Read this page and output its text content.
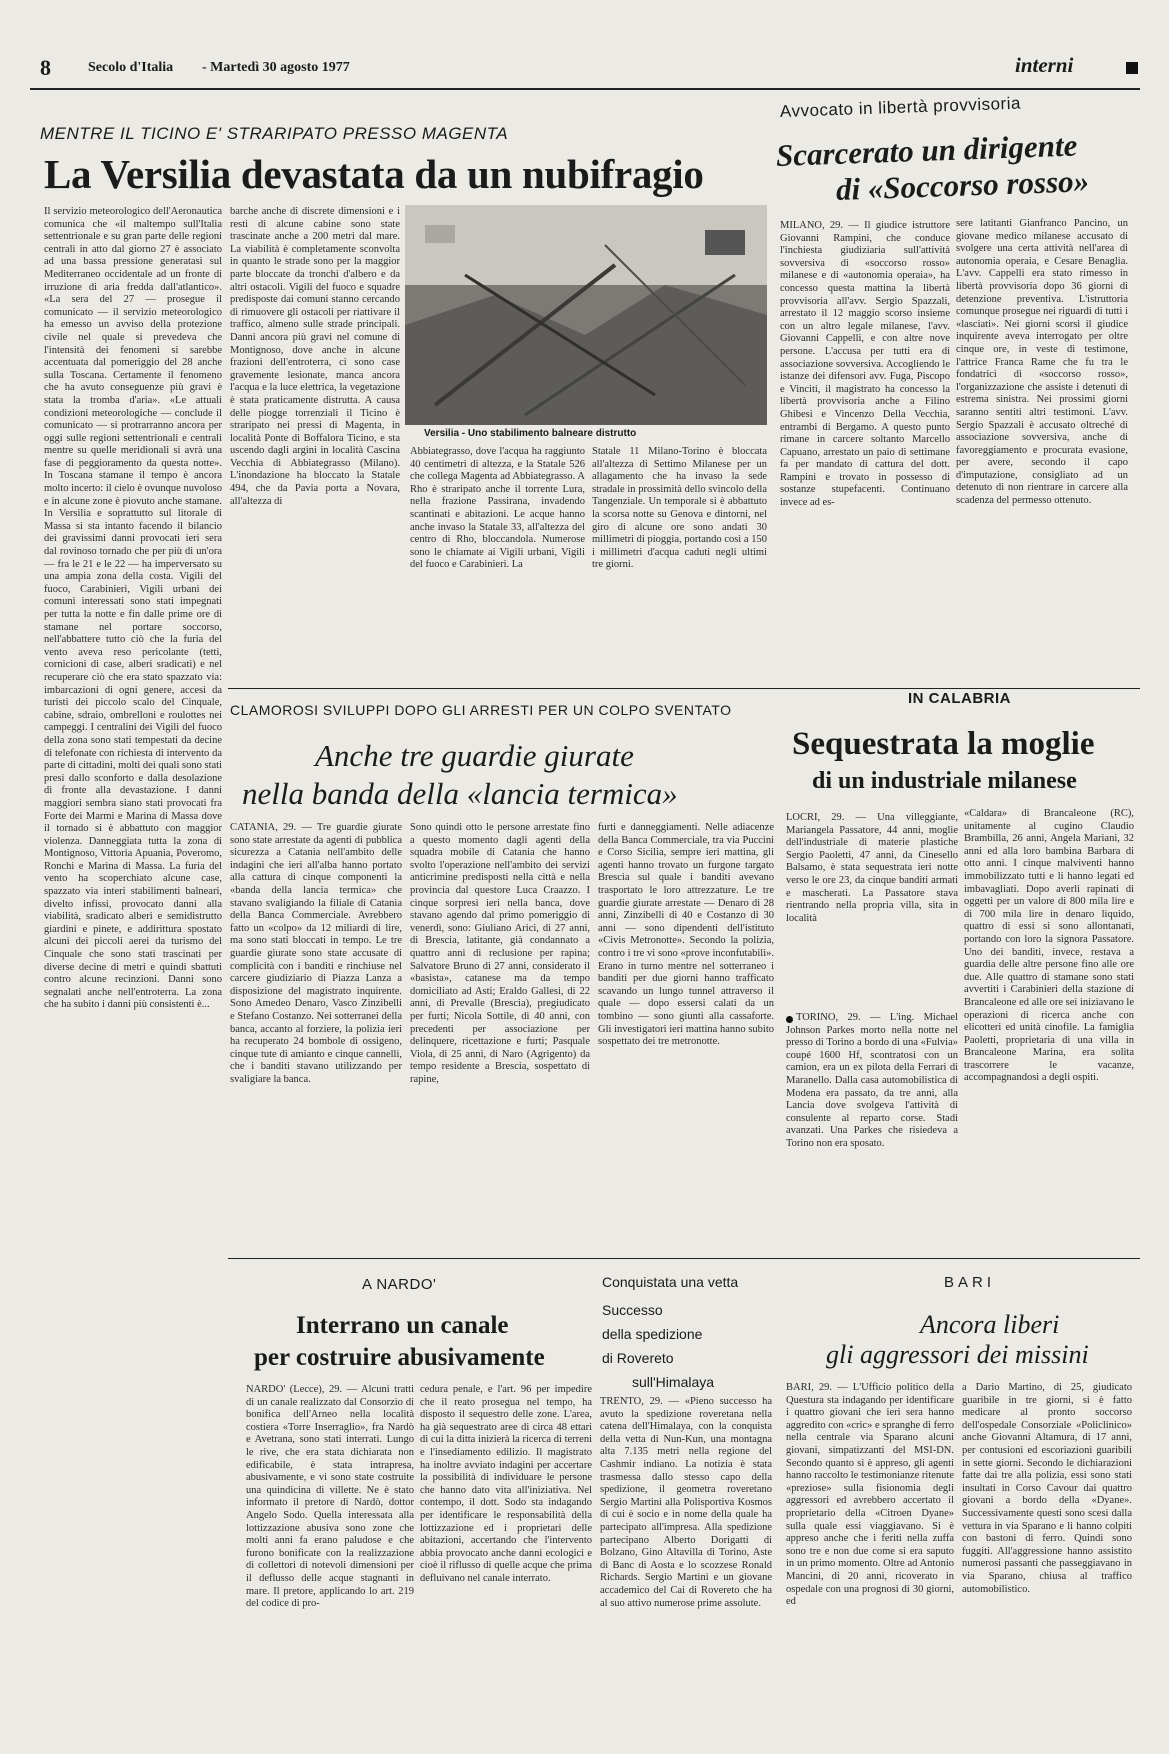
8	Secolo d'Italia - Martedì 30 agosto 1977	interni
MENTRE IL TICINO E' STRARIPATO PRESSO MAGENTA
La Versilia devastata da un nubifragio
Il servizio meteorologico dell'Aeronautica comunica che «il maltempo sull'Italia settentrionale e su gran parte delle regioni centrali in atto dal giorno 27 è associato ad una bassa pressione generatasi sul Mediterraneo occidentale ad un fronte di irruzione di aria fredda dall'atlantico». «La sera del 27 — prosegue il comunicato — il servizio meteorologico ha emesso un avviso della protezione civile nel quale si prevedeva che l'intensità dei fenomeni si sarebbe accentuata dal pomeriggio del 28 anche sulla Toscana. Certamente il fenomeno che ha avuto conseguenze più gravi è stata la tromba d'aria». «Le attuali condizioni meteorologiche — conclude il comunicato — si protrarranno ancora per oggi sulle regioni settentrionali e centrali mentre su quelle meridionali si avrà una fase di peggioramento da questa notte». In Toscana stamane il tempo è ancora molto incerto: il cielo è ovunque nuvoloso e in alcune zone è piovuto anche stamane. In Versilia e soprattutto sul litorale di Massa si sta intanto facendo il bilancio dei gravissimi danni provocati ieri sera dal rovinoso tornado che per più di un'ora — fra le 21 e le 22 — ha imperversato su una ampia zona della costa. Vigili del fuoco, Carabinieri, Vigili urbani dei comuni interessati sono stati impegnati per tutta la notte e fin dalle prime ore di stamane nel portare soccorso, nell'abbattere tutto ciò che la furia del vento aveva reso pericolante (tetti, cornicioni di case, alberi sradicati) e nel recuperare ciò che era stato spazzato via: imbarcazioni di ogni genere, accesi da turisti dei piccolo scalo del Cinquale, cabine, sdraio, ombrelloni e roulottes nei campeggi. I centralini dei Vigili del fuoco della zona sono stati tempestati da decine di telefonate con richiesta di intervento da parte di cittadini, molti dei quali sono stati presi dallo sconforto e dalla desolazione di fronte alla devastazione. I danni maggiori sembra siano stati provocati fra Forte dei Marmi e Marina di Massa dove il tornado si è abbattuto con maggior violenza. Danneggiata tutta la zona di Montignoso, Vittoria Apuania, Poveromo, Ronchi e Marina di Massa. La furia del vento ha scoperchiato alcune case, spazzato via interi stabilimenti balneari, divelto infissi, provocato danni alla viabilità, sradicato alberi e semidistrutto giardini e pinete, e addirittura spostato alcuni dei piccoli aerei da turismo del Cinquale che sono stati trascinati per diverse decine di metri e quindi sbattuti contro alcune recinzioni. Danni sono segnalati anche nell'entroterra. La zona che ha subito i danni più consistenti è...
barche anche di discrete dimensioni e i resti di alcune cabine sono state trascinate anche a 200 metri dal mare. La viabilità è completamente sconvolta in quanto le strade sono per la maggior parte bloccate da tronchi d'albero e da altri ostacoli. Vigili del fuoco e squadre predisposte dai comuni stanno cercando di rimuovere gli ostacoli per riattivare il traffico, almeno sulle strade principali. Danni ancora più gravi nel comune di Montignoso, dove anche in alcune frazioni dell'entroterra, ci sono case gravemente lesionate, manca ancora l'acqua e la luce elettrica, la vegetazione è stata praticamente distrutta. A causa delle piogge torrenziali il Ticino è straripato nei pressi di Magenta, in località Ponte di Boffalora Ticino, e sta uscendo dagli argini in località Cascina Vecchia di Abbiategrasso (Milano). L'inondazione ha bloccato la Statale 494, che da Pavia porta a Novara, all'altezza di
Versilia - Uno stabilimento balneare distrutto
Abbiategrasso, dove l'acqua ha raggiunto 40 centimetri di altezza, e la Statale 526 che collega Magenta ad Abbiategrasso. A Rho è straripato anche il torrente Lura, nella frazione Passirana, invadendo scantinati e abitazioni. Le acque hanno anche invaso la Statale 33, all'altezza del centro di Rho, bloccandola. Numerose sono le chiamate ai Vigili urbani, Vigili del fuoco e Carabinieri. La
Statale 11 Milano-Torino è bloccata all'altezza di Settimo Milanese per un allagamento che ha invaso la sede stradale in prossimità dello svincolo della Tangenziale. Un temporale si è abbattuto la scorsa notte su Genova e dintorni, nel giro di alcune ore sono andati 30 millimetri di pioggia, portando così a 150 i millimetri d'acqua caduti negli ultimi tre giorni.
Avvocato in libertà provvisoria
Scarcerato un dirigente
di «Soccorso rosso»
MILANO, 29. — Il giudice istruttore Giovanni Rampini, che conduce l'inchiesta giudiziaria sull'attività sovversiva di «soccorso rosso» milanese e di «autonomia operaia», ha concesso questa mattina la libertà provvisoria all'avv. Sergio Spazzali, arrestato il 12 maggio scorso insieme con un altro legale milanese, l'avv. Giovanni Cappelli, e con altre nove persone. L'accusa per tutti era di associazione sovversiva. Accogliendo le istanze dei difensori avv. Fuga, Piscopo e Vinciti, il magistrato ha concesso la libertà provvisoria anche a Filino Ghibesi e Vincenzo Della Vecchia, entrambi di Bergamo. A questo punto rimane in carcere soltanto Marcello Capuano, arrestato un paio di settimane fa per mandato di cattura del dott. Rampini e trovato in possesso di sostanze stupefacenti. Continuano invece ad es-
sere latitanti Gianfranco Pancino, un giovane medico milanese accusato di svolgere una certa attività nell'area di autonomia operaia, e Cesare Benaglia. L'avv. Cappelli era stato rimesso in libertà provvisoria dopo 36 giorni di detenzione preventiva. L'istruttoria comunque prosegue nei riguardi di tutti i «lasciati». Nei giorni scorsi il giudice inquirente aveva interrogato per oltre cinque ore, in veste di testimone, l'attrice Franca Rame che fu tra le fondatrici di «soccorso rosso», l'organizzazione che assiste i detenuti di estrema sinistra. Nei prossimi giorni saranno sentiti altri testimoni. L'avv. Sergio Spazzali è accusato oltreché di associazione sovversiva, anche di favoreggiamento e procurata evasione, per avere, secondo il capo d'imputazione, consigliato ad un detenuto di non rientrare in carcere alla scadenza del permesso ottenuto.
CLAMOROSI SVILUPPI DOPO GLI ARRESTI PER UN COLPO SVENTATO
Anche tre guardie giurate
nella banda della «lancia termica»
CATANIA, 29. — Tre guardie giurate sono state arrestate da agenti di pubblica sicurezza a Catania nell'ambito delle indagini che ieri all'alba hanno portato alla cattura di cinque componenti la «banda della lancia termica» che stavano svaligiando la filiale di Catania della Banca Commerciale. Avrebbero fatto un «colpo» da 12 miliardi di lire, ma sono stati bloccati in tempo. Le tre guardie giurate sono state accusate di complicità con i banditi e rinchiuse nel carcere giudiziario di Piazza Lanza a disposizione del magistrato inquirente. Sono Amedeo Denaro, Vasco Zinzibelli e Stefano Costanzo. Nei sotterranei della banca, accanto al forziere, la polizia ieri ha recuperato 24 bombole di ossigeno, cinque tute di amianto e cinque cannelli, che i banditi stavano utilizzando per svaligiare la banca.
Sono quindi otto le persone arrestate fino a questo momento dagli agenti della squadra mobile di Catania che hanno svolto l'operazione nell'ambito dei servizi anticrimine predisposti nella città e nella provincia dal questore Luca Craazzo. I cinque sorpresi ieri nella banca, dove stavano agendo dal primo pomeriggio di venerdì, sono: Giuliano Arici, di 27 anni, di Brescia, latitante, già condannato a quattro anni di reclusione per rapina; Salvatore Bruno di 27 anni, considerato il «basista», catanese ma da tempo domiciliato ad Asti; Eraldo Gallesi, di 22 anni, di Prevalle (Brescia), pregiudicato per furti; Nicola Sottile, di 40 anni, con precedenti per associazione per delinquere, ricettazione e furti; Pasquale Viola, di 25 anni, di Naro (Agrigento) da tempo residente a Brescia, sospettato di rapine,
furti e danneggiamenti. Nelle adiacenze della Banca Commerciale, tra via Puccini e Corso Sicilia, sempre ieri mattina, gli agenti hanno trovato un furgone targato Brescia sul quale i banditi avevano trasportato le loro attrezzature. Le tre guardie giurate arrestate — Denaro di 28 anni, Zinzibelli di 40 e Costanzo di 30 anni — sono dipendenti dell'istituto «Civis Metronotte». Secondo la polizia, contro i tre vi sono «prove inconfutabili». Erano in turno mentre nel sotterraneo i banditi per due giorni hanno trafficato scavando un lungo tunnel attraverso il quale — dopo essersi calati da un tombino — sono giunti alla cassaforte. Gli investigatori ieri mattina hanno subito sospettato dei tre metronotte.
IN CALABRIA
Sequestrata la moglie
di un industriale milanese
LOCRI, 29. — Una villeggiante, Mariangela Passatore, 44 anni, moglie dell'industriale di materie plastiche Sergio Paoletti, 47 anni, da Cinesello Balsamo, è stata sequestrata ieri notte verso le ore 23, da cinque banditi armati e mascherati. La Passatore stava rientrando nella propria villa, sita in località
TORINO, 29. — L'ing. Michael Johnson Parkes morto nella notte nel presso di Torino a bordo di una «Fulvia» coupé 1600 Hf, scontratosi con un camion, era un ex pilota della Ferrari di Maranello. Dalla casa automobilistica di Modena era passato, da tre anni, alla Lancia dove svolgeva l'attività di consulente al reparto corse. Stadi avanzati. Una Parkes che risiedeva a Torino non era sposato.
«Caldara» di Brancaleone (RC), unitamente al cugino Claudio Brambilla, 26 anni, Angela Mariani, 32 anni ed alla loro bambina Barbara di otto anni. I cinque malviventi hanno immobilizzato tutti e li hanno legati ed imbavagliati. Dopo averli rapinati di oggetti per un valore di 800 mila lire e di 700 mila lire in denaro liquido, quattro di essi si sono allontanati, portando con loro la signora Passatore. Uno dei banditi, invece, restava a guardia delle altre persone fino alle ore due. Alle quattro di stamane sono stati avvertiti i Carabinieri della stazione di Brancaleone ed alle ore sei iniziavano le operazioni di ricerca anche con elicotteri ed unità cinofile. La famiglia Paoletti, proprietaria di una villa in Brancaleone Marina, era solita trascorrere le vacanze, accompagnandosi a degli ospiti.
A NARDO'
Interrano un canale
per costruire abusivamente
NARDO' (Lecce), 29. — Alcuni tratti di un canale realizzato dal Consorzio di bonifica dell'Arneo nella località costiera «Torre Inserraglio», fra Nardò e Avetrana, sono stati interrati. Lungo le rive, che era stata dichiarata non edificabile, è stata intrapresa, abusivamente, e vi sono state costruite una quindicina di villette. Ne è stato informato il pretore di Nardò, dottor Angelo Sodo. Quella interessata alla lottizzazione abusiva sono zone che molti anni fa erano paludose e che furono bonificate con la realizzazione di collettori di notevoli dimensioni per il deflusso delle acque stagnanti in mare. Il pretore, applicando lo art. 219 del codice di pro-
cedura penale, e l'art. 96 per impedire che il reato prosegua nel tempo, ha disposto il sequestro delle zone. L'area, ha già sequestrato aree di circa 48 ettari di cui la ditta inizierà la ricerca di terreni e l'insediamento edilizio. Il magistrato ha inoltre avviato indagini per accertare la possibilità di individuare le persone che hanno dato vita all'iniziativa. Nel contempo, il dott. Sodo sta indagando per identificare le responsabilità della lottizzazione ed i proprietari delle abitazioni, accertando che l'intervento abbia provocato anche danni ecologici e cioè il riflusso di quelle acque che prima defluivano nel canale interrato.
Conquistata una vetta
Successo
della spedizione
di Rovereto
sull'Himalaya
TRENTO, 29. — «Pieno successo ha avuto la spedizione roveretana nella catena dell'Himalaya, con la conquista della vetta di Nun-Kun, una montagna alta 7.135 metri nella regione del Cashmir indiano. La notizia è stata trasmessa dallo stesso capo della spedizione, il geometra roveretano Sergio Martini alla Polisportiva Kosmos di cui è socio e in nome della quale ha partecipato all'impresa. Alla spedizione partecipano Alberto Dorigatti di Bolzano, Gino Altavilla di Torino, Aste di Banc di Aosta e lo scozzese Ronald Richards. Sergio Martini e un giovane accademico del Cai di Rovereto che ha al suo attivo numerose prime assolute.
BARI
Ancora liberi
gli aggressori dei missini
BARI, 29. — L'Ufficio politico della Questura sta indagando per identificare i quattro giovani che ieri sera hanno aggredito con «cric» e spranghe di ferro nella centrale via Sparano alcuni giovani, simpatizzanti del MSI-DN. Secondo quanto si è appreso, gli agenti hanno raccolto le testimonianze ritenute «preziose» sulla fisionomia degli aggressori ed avrebbero accertato il proprietario della «Citroen Dyane» sulla quale essi viaggiavano. Si è appreso anche che i feriti nella zuffa sono tre e non due come si era saputo in un primo momento. Oltre ad Antonio Mancini, di 20 anni, ricoverato in ospedale con una prognosi di 30 giorni, ed
a Dario Martino, di 25, giudicato guaribile in tre giorni, si è fatto medicare al pronto soccorso dell'ospedale Consorziale «Policlinico» anche Giovanni Altamura, di 17 anni, per contusioni ed escoriazioni guaribili in sette giorni. Secondo le dichiarazioni fatte dai tre alla polizia, essi sono stati insultati in Corso Cavour dai quattro giovani a bordo della «Dyane». Successivamente questi sono scesi dalla vettura in via Sparano e li hanno colpiti con bastoni di ferro. Quindi sono fuggiti. All'aggressione hanno assistito numerosi passanti che passeggiavano in via Sparano, chiusa al traffico automobilistico.
